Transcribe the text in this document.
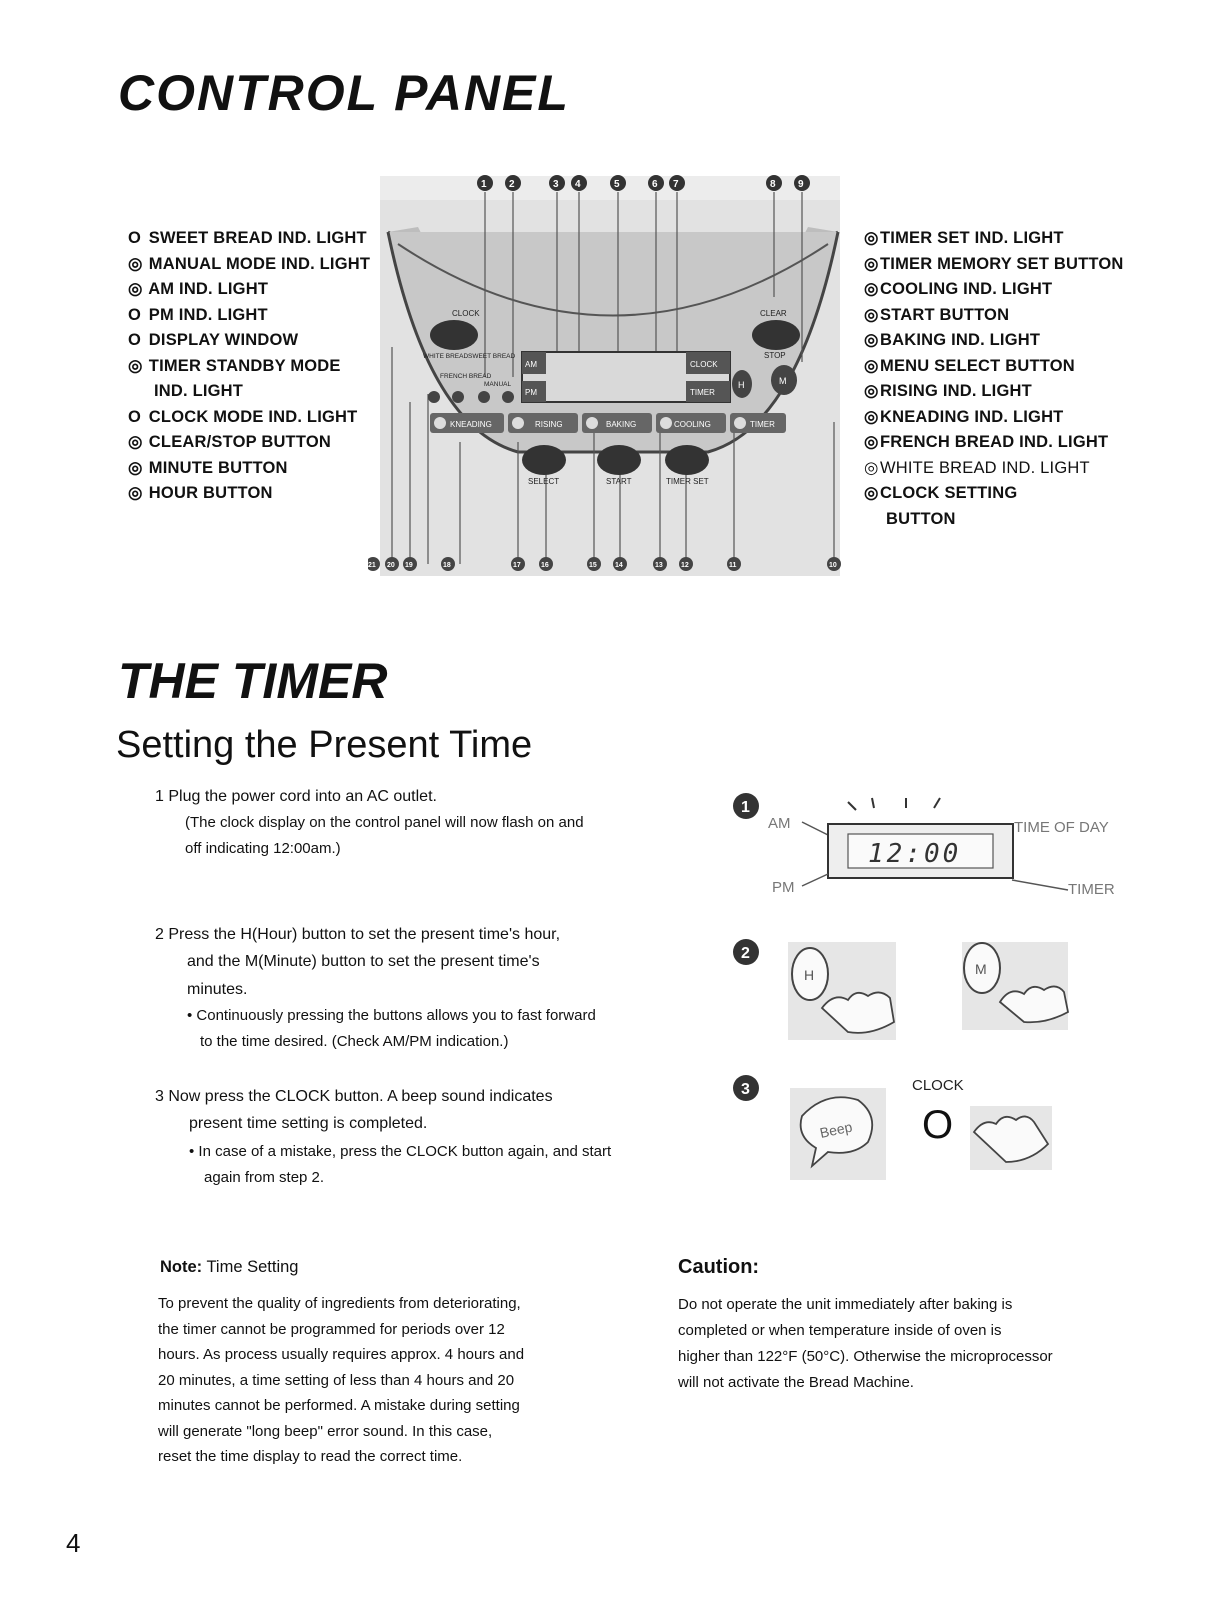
CONTROL PANEL
O SWEET BREAD IND. LIGHT
◎ MANUAL MODE IND. LIGHT
◎ AM IND. LIGHT
O PM IND. LIGHT
O DISPLAY WINDOW
◎ TIMER STANDBY MODE
IND. LIGHT
O CLOCK MODE IND. LIGHT
◎ CLEAR/STOP BUTTON
◎ MINUTE BUTTON
◎ HOUR BUTTON
◎TIMER SET IND. LIGHT
◎TIMER MEMORY SET BUTTON
◎COOLING IND. LIGHT
◎START BUTTON
◎BAKING IND. LIGHT
◎MENU SELECT BUTTON
◎RISING IND. LIGHT
◎KNEADING IND. LIGHT
◎FRENCH BREAD IND. LIGHT
◎WHITE BREAD IND. LIGHT
◎CLOCK SETTING
BUTTON
CLOCK	CLEAR
STOP
WHITE BREAD SWEET BREAD
FRENCH BREAD
MANUAL
AM
PM
CLOCK
TIMER
H	M
KNEADING	RISING	BAKING	COOLING	TIMER
SELECT	START	TIMER SET
1 2	3 4	5	6 7	8 9
21 20 19	18	17	16	15	14	13	12	11	10
THE TIMER
Setting the Present Time
1 Plug the power cord into an AC outlet.
(The clock display on the control panel will now flash on and
off indicating 12:00am.)
2 Press the H(Hour) button to set the present time's hour,
and the M(Minute) button to set the present time's
minutes.
• Continuously pressing the buttons allows you to fast forward
to the time desired. (Check AM/PM indication.)
3 Now press the CLOCK button. A beep sound indicates
present time setting is completed.
• In case of a mistake, press the CLOCK button again, and start
again from step 2.
1
AM
12:00
PM
TIME OF DAY
TIMER
2
H	M
3
Beep
CLOCK
O
Note: Time Setting
To prevent the quality of ingredients from deteriorating,
the timer cannot be programmed for periods over 12
hours. As process usually requires approx. 4 hours and
20 minutes, a time setting of less than 4 hours and 20
minutes cannot be performed. A mistake during setting
will generate "long beep" error sound. In this case,
reset the time display to read the correct time.
Caution:
Do not operate the unit immediately after baking is
completed or when temperature inside of oven is
higher than 122°F (50°C). Otherwise the microprocessor
will not activate the Bread Machine.
4
